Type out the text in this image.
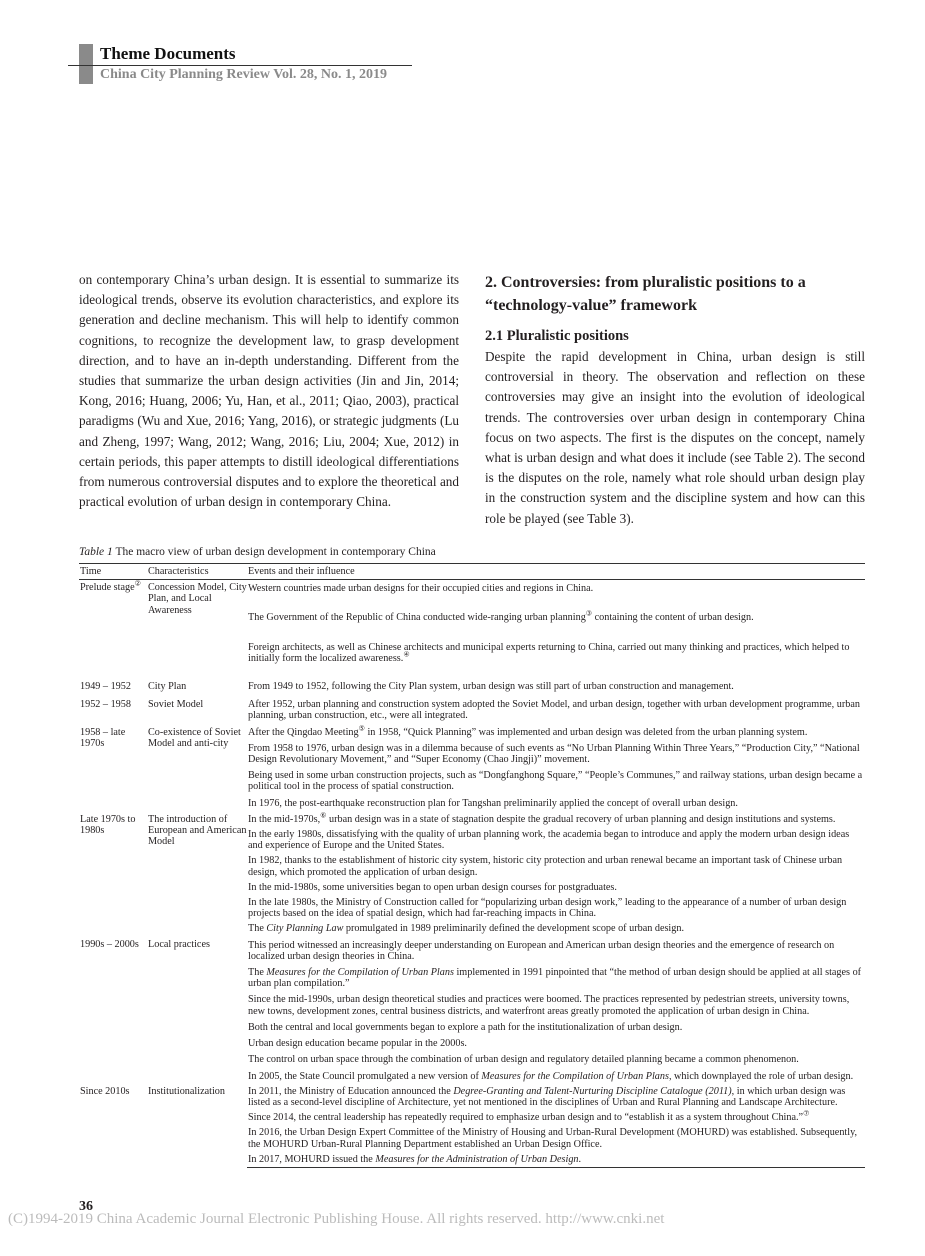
Theme Documents
China City Planning Review Vol. 28, No. 1, 2019

on contemporary China’s urban design. It is essential to summarize its ideological trends, observe its evolution characteristics, and explore its generation and decline mechanism. This will help to identify common cognitions, to recognize the development law, to grasp development direction, and to have an in-depth understanding. Different from the studies that summarize the urban design activities (Jin and Jin, 2014; Kong, 2016; Huang, 2006; Yu, Han, et al., 2011; Qiao, 2003), practical paradigms (Wu and Xue, 2016; Yang, 2016), or strategic judgments (Lu and Zheng, 1997; Wang, 2012; Wang, 2016; Liu, 2004; Xue, 2012) in certain periods, this paper attempts to distill ideological differentiations from numerous controversial disputes and to explore the theoretical and practical evolution of urban design in contemporary China.

2. Controversies: from pluralistic positions to a “technology-value” framework
2.1 Pluralistic positions

Despite the rapid development in China, urban design is still controversial in theory. The observation and reflection on these controversies may give an insight into the evolution of ideological trends. The controversies over urban design in contemporary China focus on two aspects. The first is the disputes on the concept, namely what is urban design and what does it include (see Table 2). The second is the disputes on the role, namely what role should urban design play in the construction system and the discipline system and how can this role be played (see Table 3).

Table 1 The macro view of urban design development in contemporary China

Time	Characteristics	Events and their influence
Prelude stage②	Concession Model, City Plan, and Local Awareness	Western countries made urban designs for their occupied cities and regions in China.
		The Government of the Republic of China conducted wide-ranging urban planning③ containing the content of urban design.
		Foreign architects, as well as Chinese architects and municipal experts returning to China, carried out many thinking and practices, which helped to initially form the localized awareness.④
1949 – 1952	City Plan	From 1949 to 1952, following the City Plan system, urban design was still part of urban construction and management.
1952 – 1958	Soviet Model	After 1952, urban planning and construction system adopted the Soviet Model, and urban design, together with urban development programme, urban planning, urban construction, etc., were all integrated.
1958 – late 1970s	Co-existence of Soviet Model and anti-city	After the Qingdao Meeting⑤ in 1958, “Quick Planning” was implemented and urban design was deleted from the urban planning system.
		From 1958 to 1976, urban design was in a dilemma because of such events as “No Urban Planning Within Three Years,” “Production City,” “National Design Revolutionary Movement,” and “Super Economy (Chao Jingji)” movement.
		Being used in some urban construction projects, such as “Dongfanghong Square,” “People’s Communes,” and railway stations, urban design became a political tool in the process of spatial construction.
		In 1976, the post-earthquake reconstruction plan for Tangshan preliminarily applied the concept of overall urban design.
Late 1970s to 1980s	The introduction of European and American Model	In the mid-1970s,⑥ urban design was in a state of stagnation despite the gradual recovery of urban planning and design institutions and systems.
		In the early 1980s, dissatisfying with the quality of urban planning work, the academia began to introduce and apply the modern urban design ideas and experience of Europe and the United States.
		In 1982, thanks to the establishment of historic city system, historic city protection and urban renewal became an important task of Chinese urban design, which promoted the application of urban design.
		In the mid-1980s, some universities began to open urban design courses for postgraduates.
		In the late 1980s, the Ministry of Construction called for “popularizing urban design work,” leading to the appearance of a number of urban design projects based on the idea of spatial design, which had far-reaching impacts in China.
		The City Planning Law promulgated in 1989 preliminarily defined the development scope of urban design.
1990s – 2000s	Local practices	This period witnessed an increasingly deeper understanding on European and American urban design theories and the emergence of research on localized urban design theories in China.
		The Measures for the Compilation of Urban Plans implemented in 1991 pinpointed that “the method of urban design should be applied at all stages of urban plan compilation.”
		Since the mid-1990s, urban design theoretical studies and practices were boomed. The practices represented by pedestrian streets, university towns, new towns, development zones, central business districts, and waterfront areas greatly promoted the application of urban design in China.
		Both the central and local governments began to explore a path for the institutionalization of urban design.
		Urban design education became popular in the 2000s.
		The control on urban space through the combination of urban design and regulatory detailed planning became a common phenomenon.
		In 2005, the State Council promulgated a new version of Measures for the Compilation of Urban Plans, which downplayed the role of urban design.
Since 2010s	Institutionalization	In 2011, the Ministry of Education announced the Degree-Granting and Talent-Nurturing Discipline Catalogue (2011), in which urban design was listed as a second-level discipline of Architecture, yet not mentioned in the disciplines of Urban and Rural Planning and Landscape Architecture.
		Since 2014, the central leadership has repeatedly required to emphasize urban design and to “establish it as a system throughout China.”⑦
		In 2016, the Urban Design Expert Committee of the Ministry of Housing and Urban-Rural Development (MOHURD) was established. Subsequently, the MOHURD Urban-Rural Planning Department established an Urban Design Office.
		In 2017, MOHURD issued the Measures for the Administration of Urban Design.
36
(C)1994-2019 China Academic Journal Electronic Publishing House. All rights reserved. http://www.cnki.net
